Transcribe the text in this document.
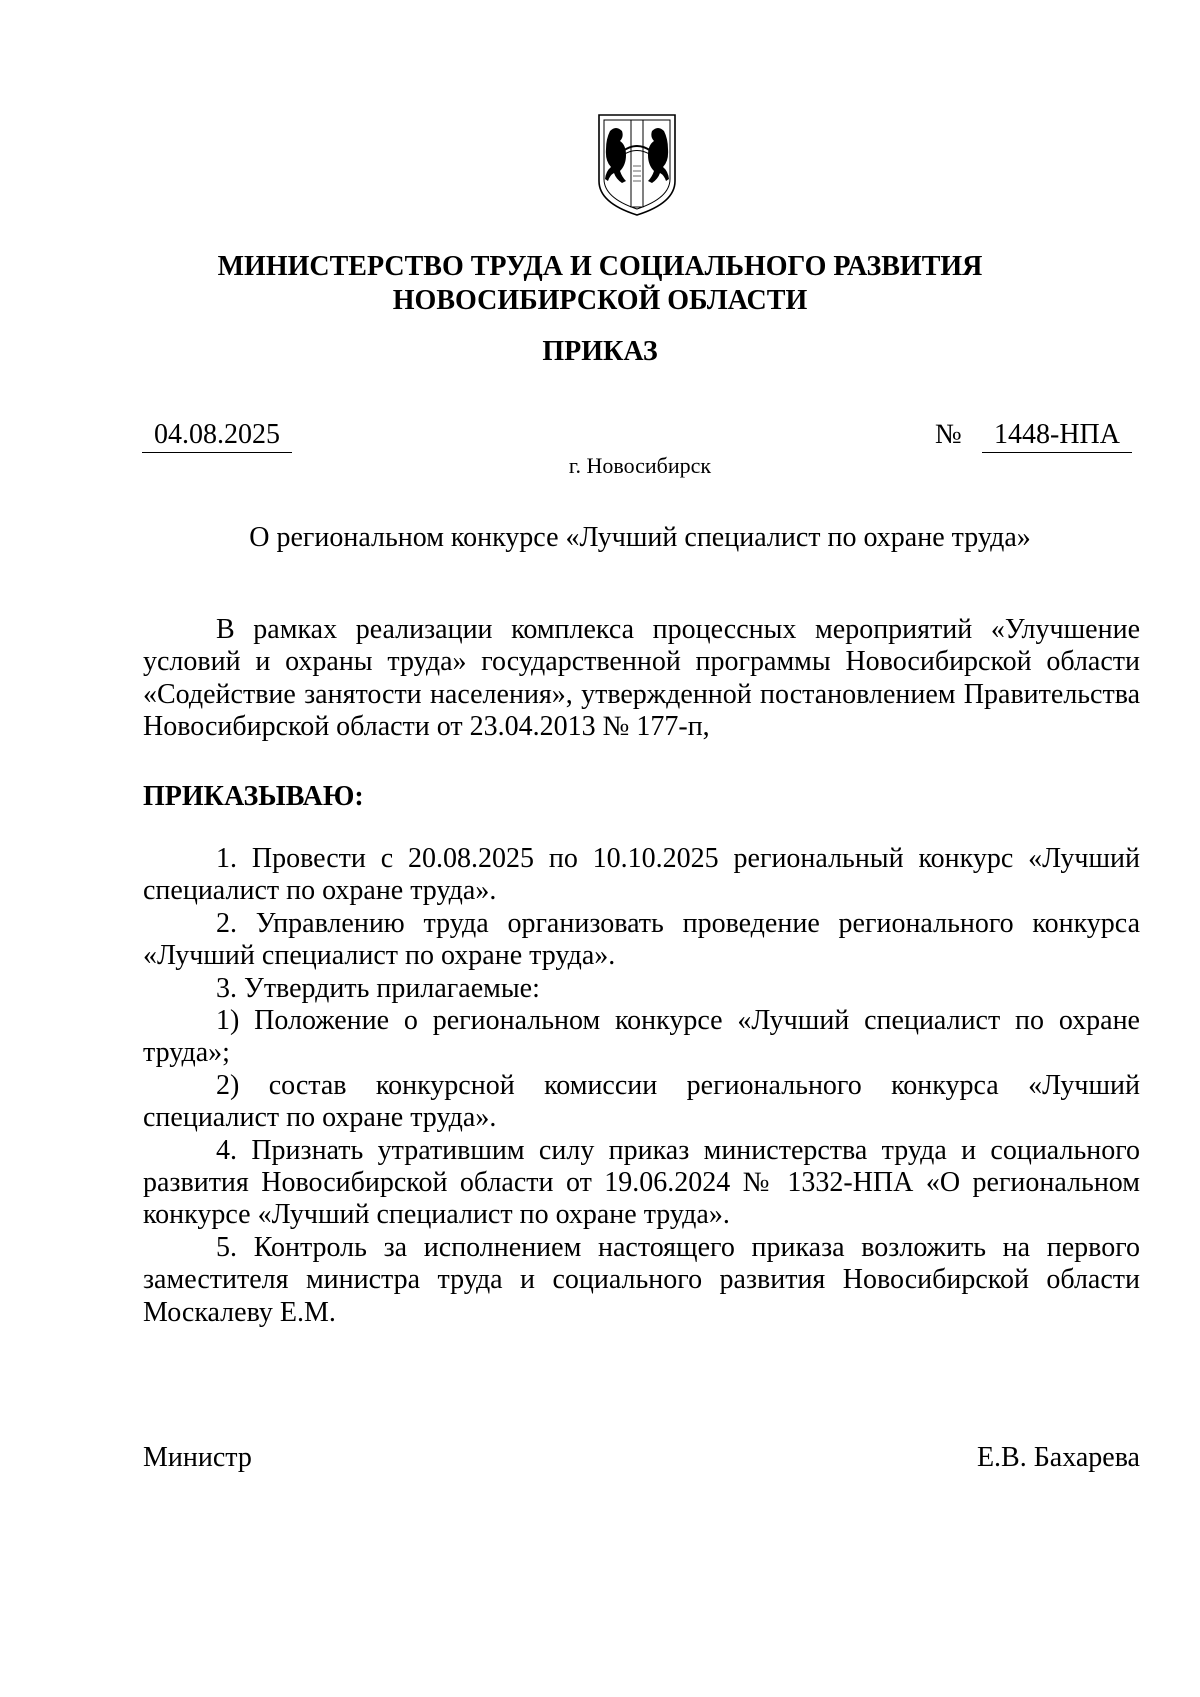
МИНИСТЕРСТВО ТРУДА И СОЦИАЛЬНОГО РАЗВИТИЯ
НОВОСИБИРСКОЙ ОБЛАСТИ
ПРИКАЗ
04.08.2025	№	1448-НПА
г. Новосибирск
О региональном конкурсе «Лучший специалист по охране труда»

В рамках реализации комплекса процессных мероприятий «Улучшение условий и охраны труда» государственной программы Новосибирской области «Содействие занятости населения», утвержденной постановлением Правительства Новосибирской области от 23.04.2013 № 177-п,

ПРИКАЗЫВАЮ:

1. Провести с 20.08.2025 по 10.10.2025 региональный конкурс «Лучший специалист по охране труда».

2. Управлению труда организовать проведение регионального конкурса «Лучший специалист по охране труда».

3. Утвердить прилагаемые:

1) Положение о региональном конкурсе «Лучший специалист по охране труда»;

2) состав конкурсной комиссии регионального конкурса «Лучший специалист по охране труда».

4. Признать утратившим силу приказ министерства труда и социального развития Новосибирской области от 19.06.2024 № 1332-НПА «О региональном конкурсе «Лучший специалист по охране труда».

5. Контроль за исполнением настоящего приказа возложить на первого заместителя министра труда и социального развития Новосибирской области Москалеву Е.М.

Министр	Е.В. Бахарева
